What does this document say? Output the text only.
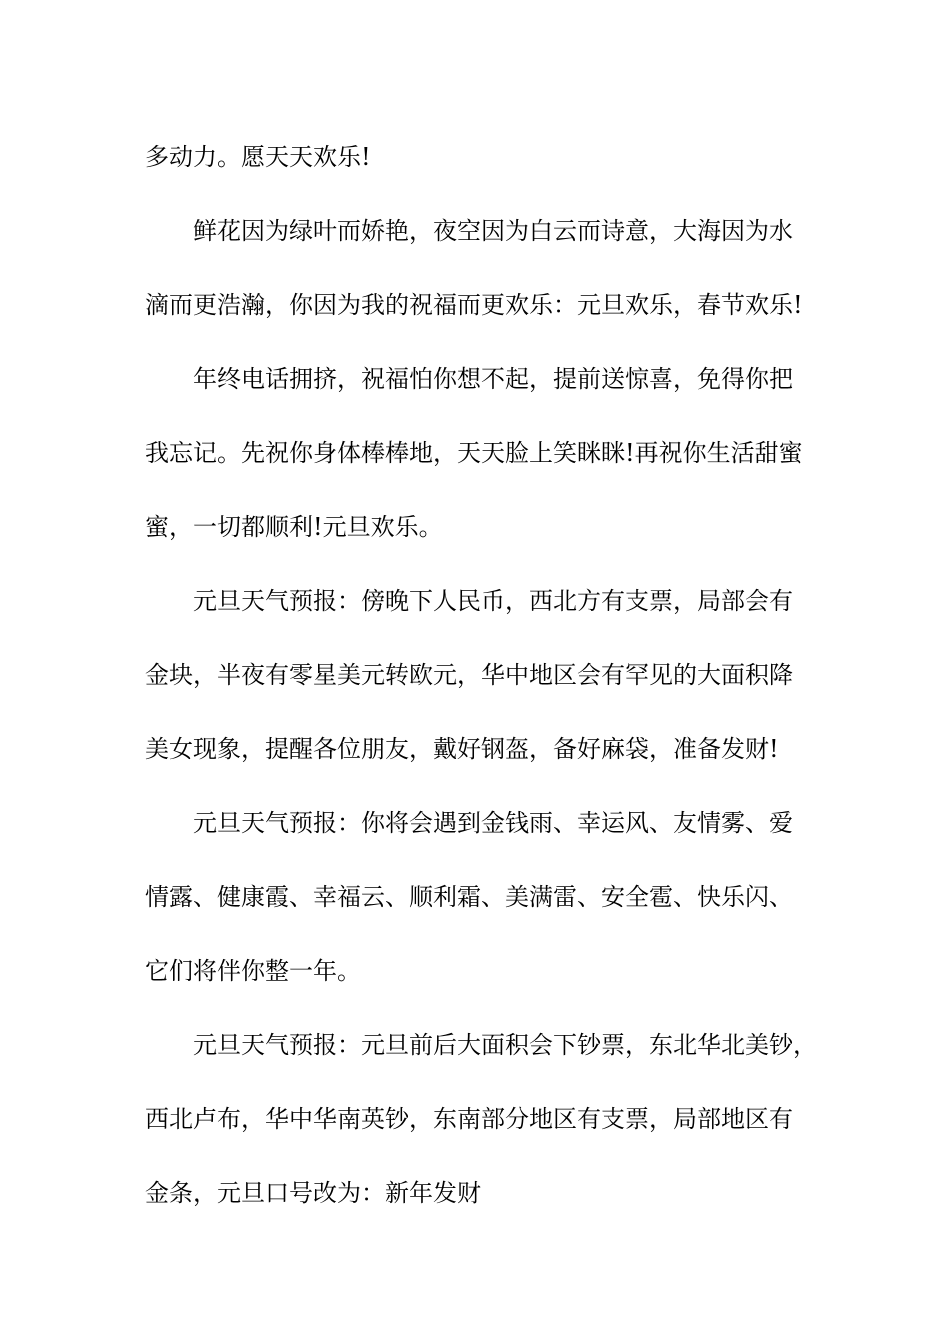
多动力。愿天天欢乐!
鲜花因为绿叶而娇艳，夜空因为白云而诗意，大海因为水
滴而更浩瀚，你因为我的祝福而更欢乐：元旦欢乐，春节欢乐!
年终电话拥挤，祝福怕你想不起，提前送惊喜，免得你把
我忘记。先祝你身体棒棒地，天天脸上笑眯眯!再祝你生活甜蜜
蜜，一切都顺利!元旦欢乐。
元旦天气预报：傍晚下人民币，西北方有支票，局部会有
金块，半夜有零星美元转欧元，华中地区会有罕见的大面积降
美女现象，提醒各位朋友，戴好钢盔，备好麻袋，准备发财!
元旦天气预报：你将会遇到金钱雨、幸运风、友情雾、爱
情露、健康霞、幸福云、顺利霜、美满雷、安全雹、快乐闪、
它们将伴你整一年。
元旦天气预报：元旦前后大面积会下钞票，东北华北美钞，
西北卢布，华中华南英钞，东南部分地区有支票，局部地区有
金条，元旦口号改为：新年发财
